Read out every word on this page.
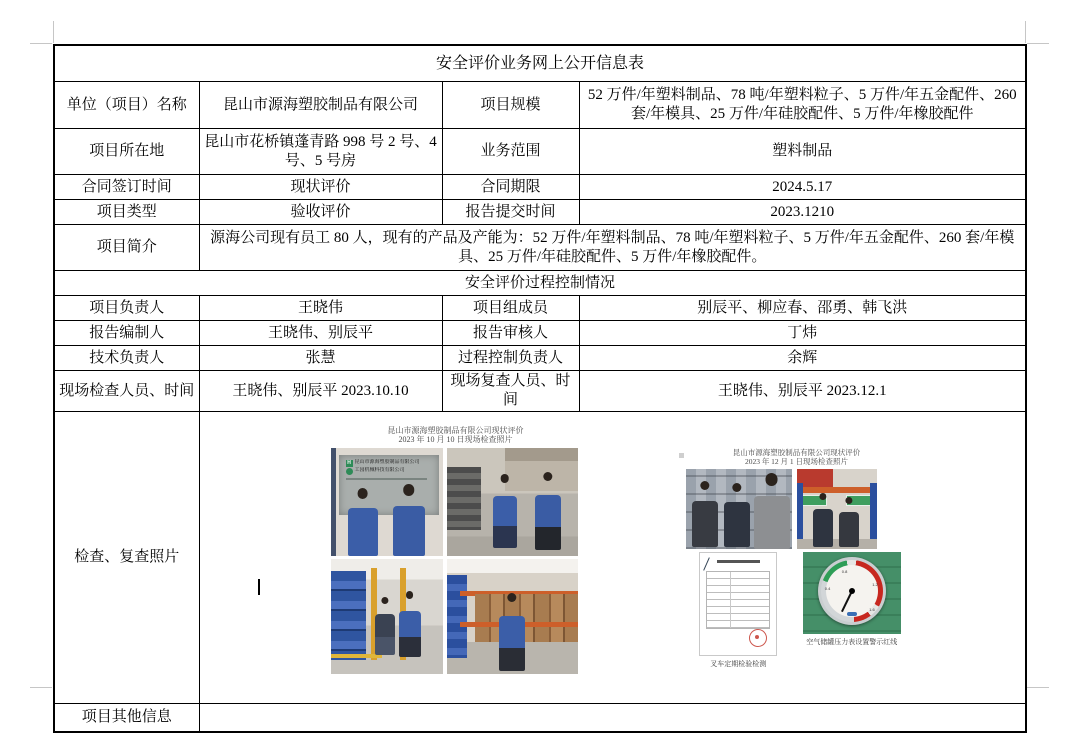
安全评价业务网上公开信息表			
单位（项目）名称	昆山市源海塑胶制品有限公司	项目规模	52 万件/年塑料制品、78 吨/年塑料粒子、5 万件/年五金配件、260 套/年模具、25 万件/年硅胶配件、5 万件/年橡胶配件
项目所在地	昆山市花桥镇蓬青路 998 号 2 号、4 号、5 号房	业务范围	塑料制品
合同签订时间	现状评价	合同期限	2024.5.17
项目类型	验收评价	报告提交时间	2023.1210
项目简介	源海公司现有员工 80 人，现有的产品及产能为：52 万件/年塑料制品、78 吨/年塑料粒子、5 万件/年五金配件、260 套/年模具、25 万件/年硅胶配件、5 万件/年橡胶配件。		
安全评价过程控制情况			
项目负责人	王晓伟	项目组成员	别辰平、柳应春、邵勇、韩飞洪
报告编制人	王晓伟、别辰平	报告审核人	丁炜
技术负责人	张慧	过程控制负责人	余辉
现场检查人员、时间	王晓伟、别辰平 2023.10.10	现场复查人员、时间	王晓伟、别辰平 2023.12.1
检查、复查照片	
昆山市源海塑胶制品有限公司现状评价
2023 年 10 月 10 日现场检查照片
H 昆山市源海塑胶制品有限公司
工园机械科技有限公司
昆山市源海塑胶制品有限公司现状评价
2023 年 12 月 1 日现场检查照片
叉车定期检验检测
0.4
0.8
1.2
1.6
空气储罐压力表设置警示红线

项目其他信息			
